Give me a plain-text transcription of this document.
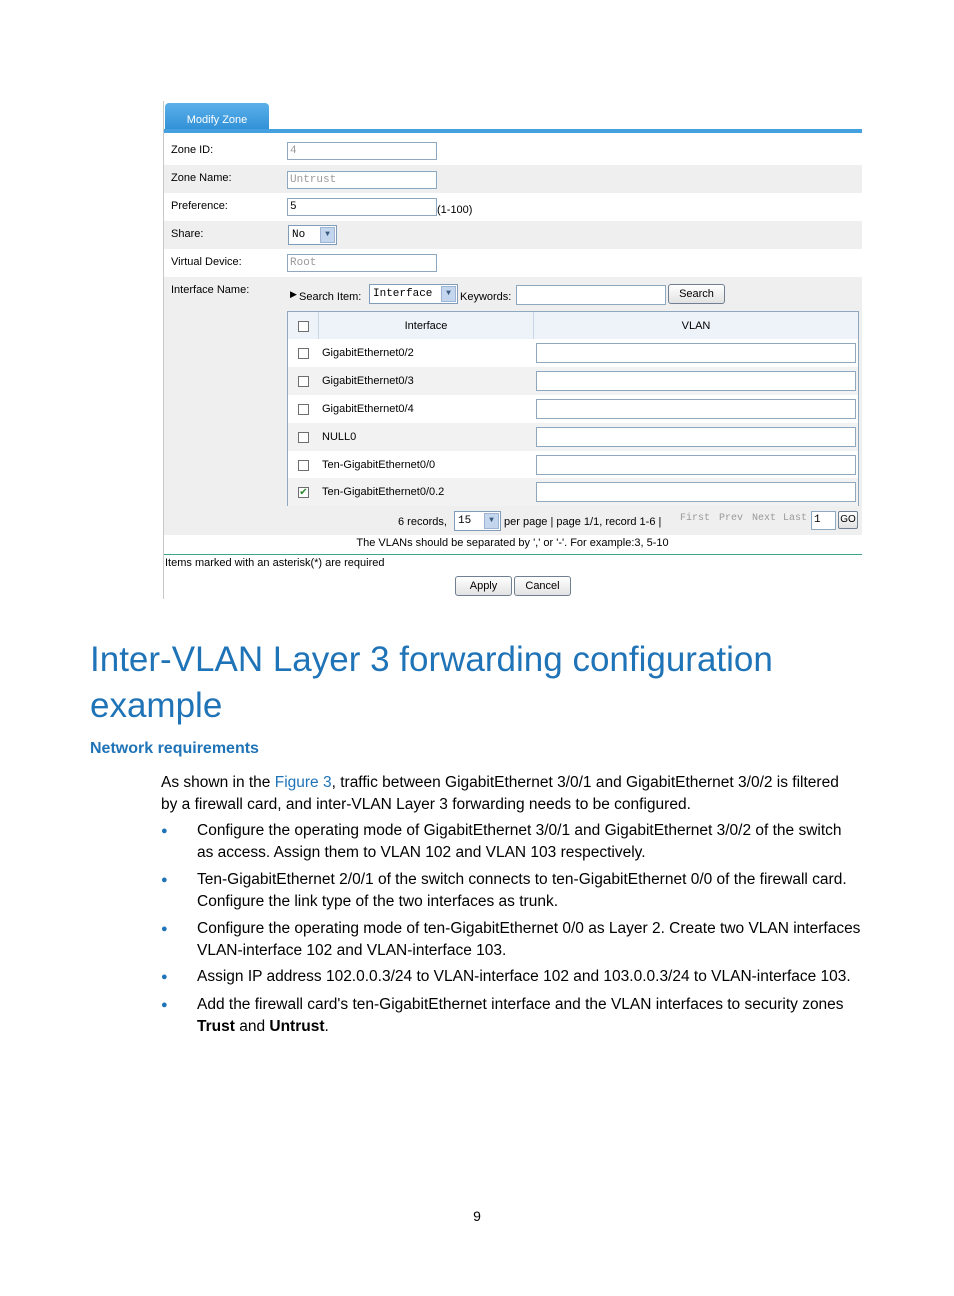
Modify Zone
Zone ID:	4
Zone Name:	Untrust
Preference:	5	(1-100)
Share:	No	▼
Virtual Device:	Root
Interface Name:	▶ Search Item:	Interface	▼ Keywords:	Search
Interface	VLAN
GigabitEthernet0/2
GigabitEthernet0/3
GigabitEthernet0/4
NULL0
Ten-GigabitEthernet0/0
✔ Ten-GigabitEthernet0/0.2
6 records,	15	▼ per page | page 1/1, record 1-6 | First Prev Next Last 1	GO
The VLANs should be separated by ',' or '-'. For example:3, 5-10
Items marked with an asterisk(*) are required
Apply	Cancel
Inter-VLAN Layer 3 forwarding configuration
example
Network requirements
As shown in the Figure 3, traffic between GigabitEthernet 3/0/1 and GigabitEthernet 3/0/2 is filtered
by a firewall card, and inter-VLAN Layer 3 forwarding needs to be configured.
● Configure the operating mode of GigabitEthernet 3/0/1 and GigabitEthernet 3/0/2 of the switch
as access. Assign them to VLAN 102 and VLAN 103 respectively.
● Ten-GigabitEthernet 2/0/1 of the switch connects to ten-GigabitEthernet 0/0 of the firewall card.
Configure the link type of the two interfaces as trunk.
● Configure the operating mode of ten-GigabitEthernet 0/0 as Layer 2. Create two VLAN interfaces
VLAN-interface 102 and VLAN-interface 103.
● Assign IP address 102.0.0.3/24 to VLAN-interface 102 and 103.0.0.3/24 to VLAN-interface 103.
● Add the firewall card's ten-GigabitEthernet interface and the VLAN interfaces to security zones
Trust and Untrust.
9
